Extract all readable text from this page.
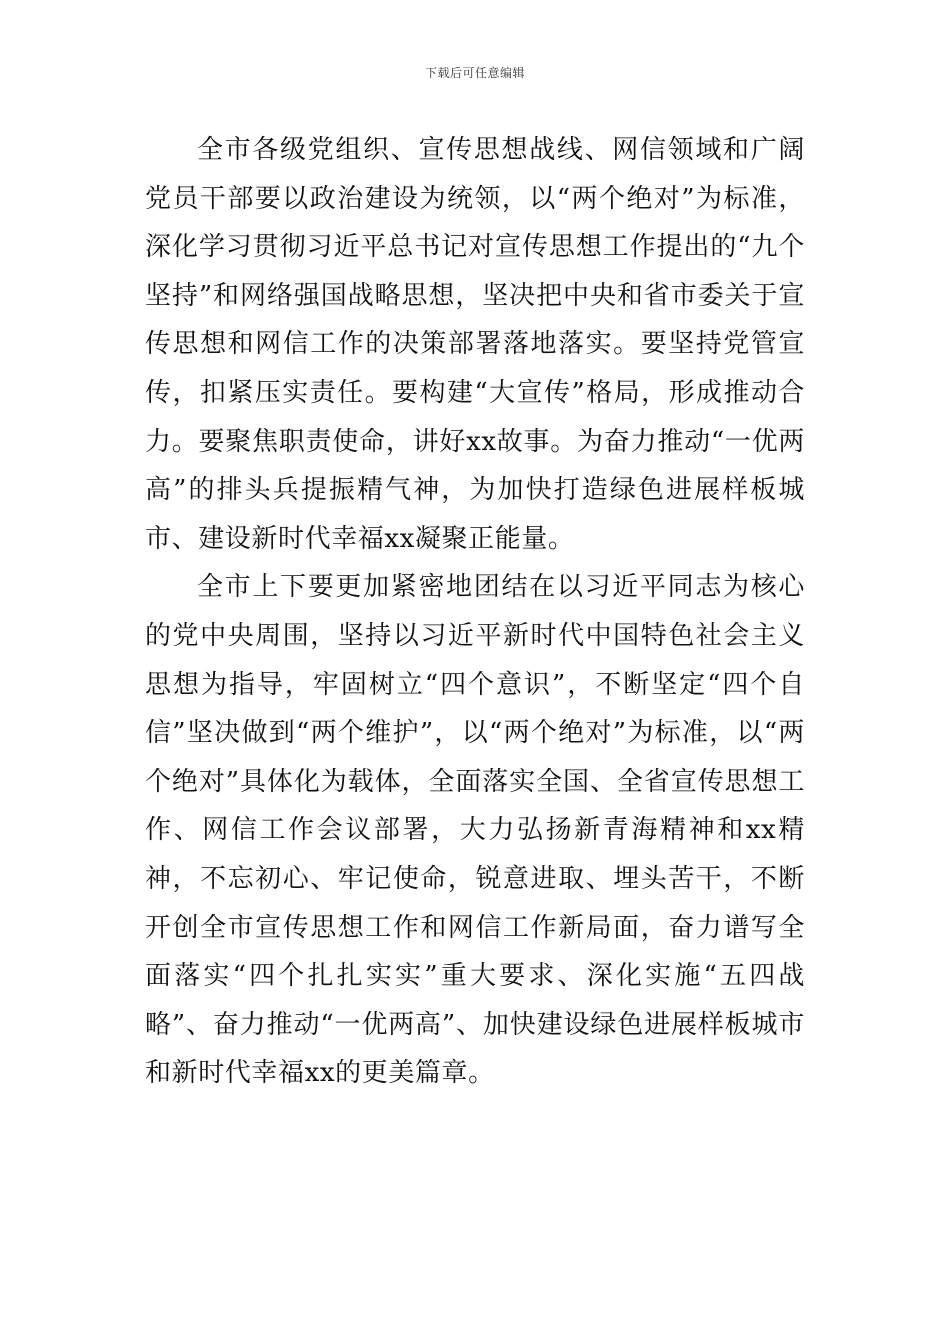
下载后可任意编辑

全市各级党组织、宣传思想战线、网信领域和广阔党员干部要以政治建设为统领，以“两个绝对”为标准，深化学习贯彻习近平总书记对宣传思想工作提出的“九个坚持”和网络强国战略思想，坚决把中央和省市委关于宣传思想和网信工作的决策部署落地落实。要坚持党管宣传，扣紧压实责任。要构建“大宣传”格局，形成推动合力。要聚焦职责使命，讲好xx故事。为奋力推动“一优两高”的排头兵提振精气神，为加快打造绿色进展样板城市、建设新时代幸福xx凝聚正能量。

全市上下要更加紧密地团结在以习近平同志为核心的党中央周围，坚持以习近平新时代中国特色社会主义思想为指导，牢固树立“四个意识”，不断坚定“四个自信”坚决做到“两个维护”，以“两个绝对”为标准，以“两个绝对”具体化为载体，全面落实全国、全省宣传思想工作、网信工作会议部署，大力弘扬新青海精神和xx精神，不忘初心、牢记使命，锐意进取、埋头苦干，不断开创全市宣传思想工作和网信工作新局面，奋力谱写全面落实“四个扎扎实实”重大要求、深化实施“五四战略”、奋力推动“一优两高”、加快建设绿色进展样板城市和新时代幸福xx的更美篇章。
